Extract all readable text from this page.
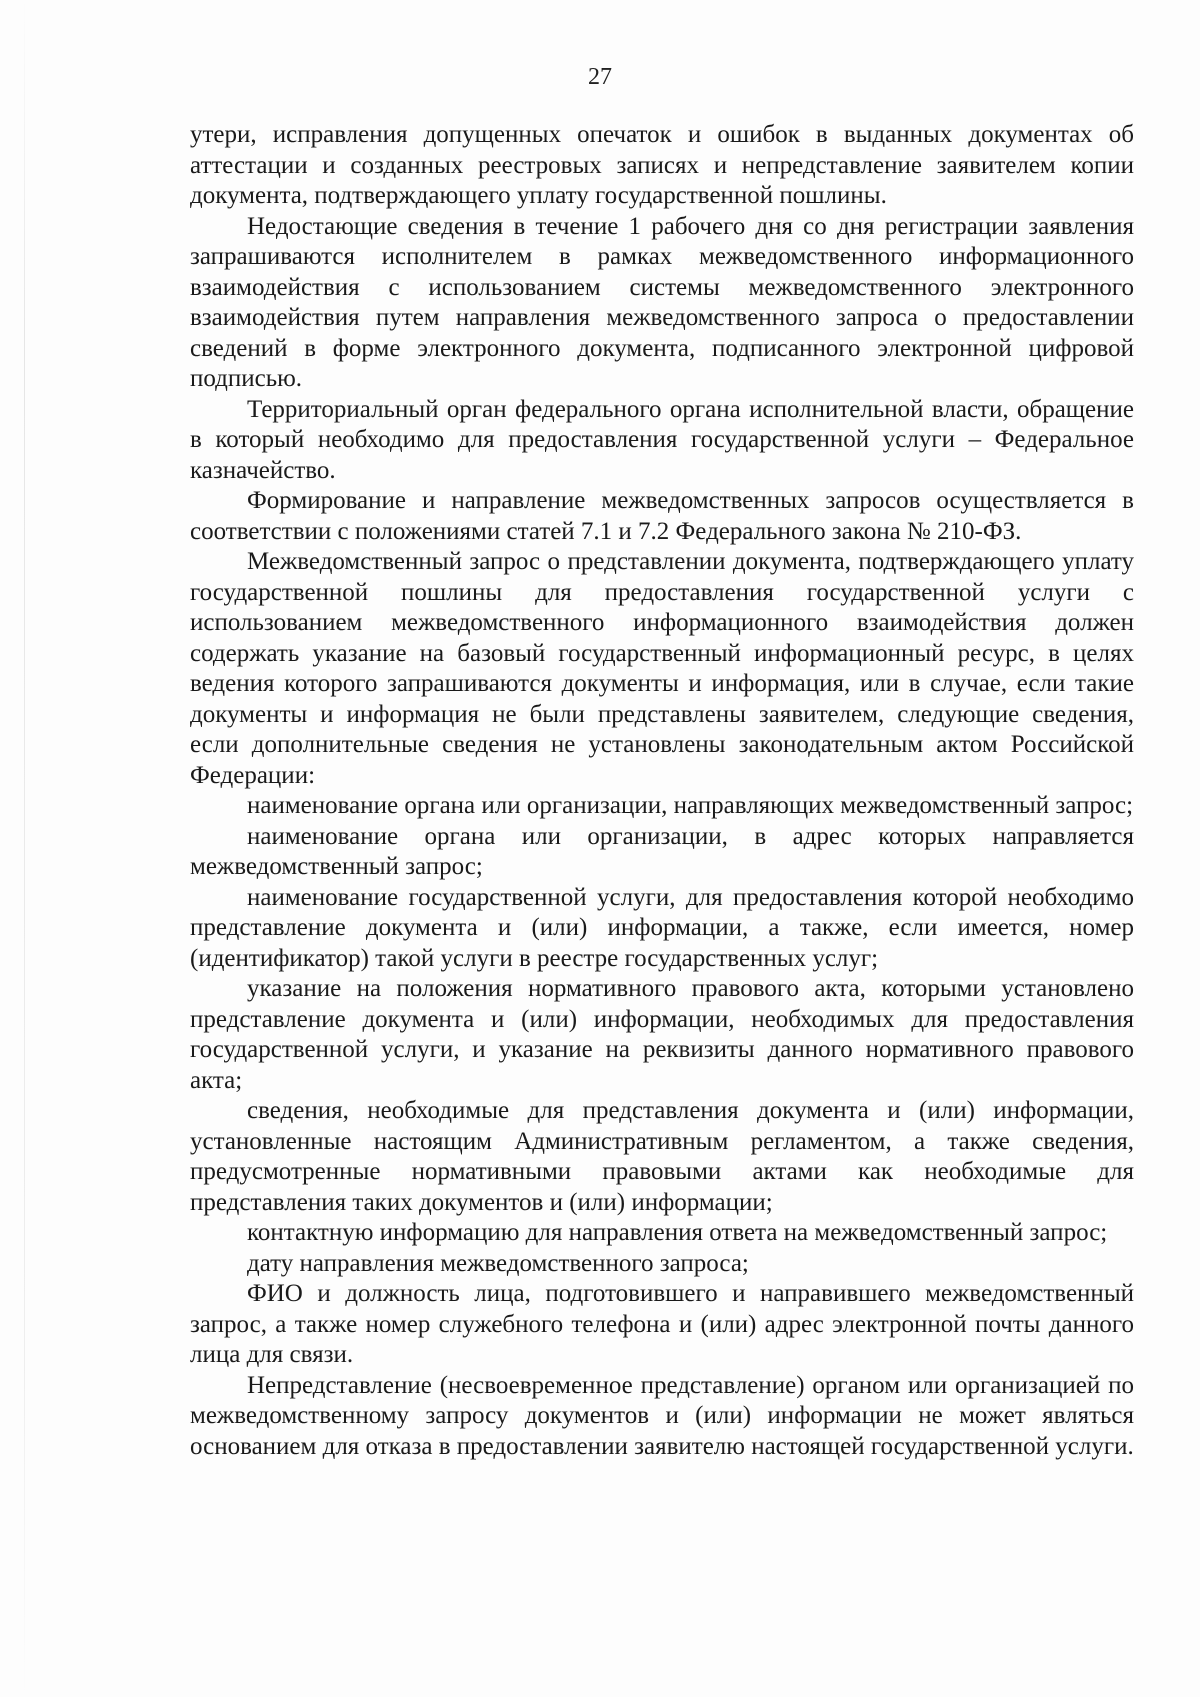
27

утери, исправления допущенных опечаток и ошибок в выданных документах об аттестации и созданных реестровых записях и непредставление заявителем копии документа, подтверждающего уплату государственной пошлины.

Недостающие сведения в течение 1 рабочего дня со дня регистрации заявления запрашиваются исполнителем в рамках межведомственного информационного взаимодействия с использованием системы межведомственного электронного взаимодействия путем направления межведомственного запроса о предоставлении сведений в форме электронного документа, подписанного электронной цифровой подписью.

Территориальный орган федерального органа исполнительной власти, обращение в который необходимо для предоставления государственной услуги – Федеральное казначейство.

Формирование и направление межведомственных запросов осуществляется в соответствии с положениями статей 7.1 и 7.2 Федерального закона № 210-ФЗ.

Межведомственный запрос о представлении документа, подтверждающего уплату государственной пошлины для предоставления государственной услуги с использованием межведомственного информационного взаимодействия должен содержать указание на базовый государственный информационный ресурс, в целях ведения которого запрашиваются документы и информация, или в случае, если такие документы и информация не были представлены заявителем, следующие сведения, если дополнительные сведения не установлены законодательным актом Российской Федерации:

наименование органа или организации, направляющих межведомственный запрос;

наименование органа или организации, в адрес которых направляется межведомственный запрос;

наименование государственной услуги, для предоставления которой необходимо представление документа и (или) информации, а также, если имеется, номер (идентификатор) такой услуги в реестре государственных услуг;

указание на положения нормативного правового акта, которыми установлено представление документа и (или) информации, необходимых для предоставления государственной услуги, и указание на реквизиты данного нормативного правового акта;

сведения, необходимые для представления документа и (или) информации, установленные настоящим Административным регламентом, а также сведения, предусмотренные нормативными правовыми актами как необходимые для представления таких документов и (или) информации;

контактную информацию для направления ответа на межведомственный запрос;

дату направления межведомственного запроса;

ФИО и должность лица, подготовившего и направившего межведомственный запрос, а также номер служебного телефона и (или) адрес электронной почты данного лица для связи.

Непредставление (несвоевременное представление) органом или организацией по межведомственному запросу документов и (или) информации не может являться основанием для отказа в предоставлении заявителю настоящей государственной услуги.
